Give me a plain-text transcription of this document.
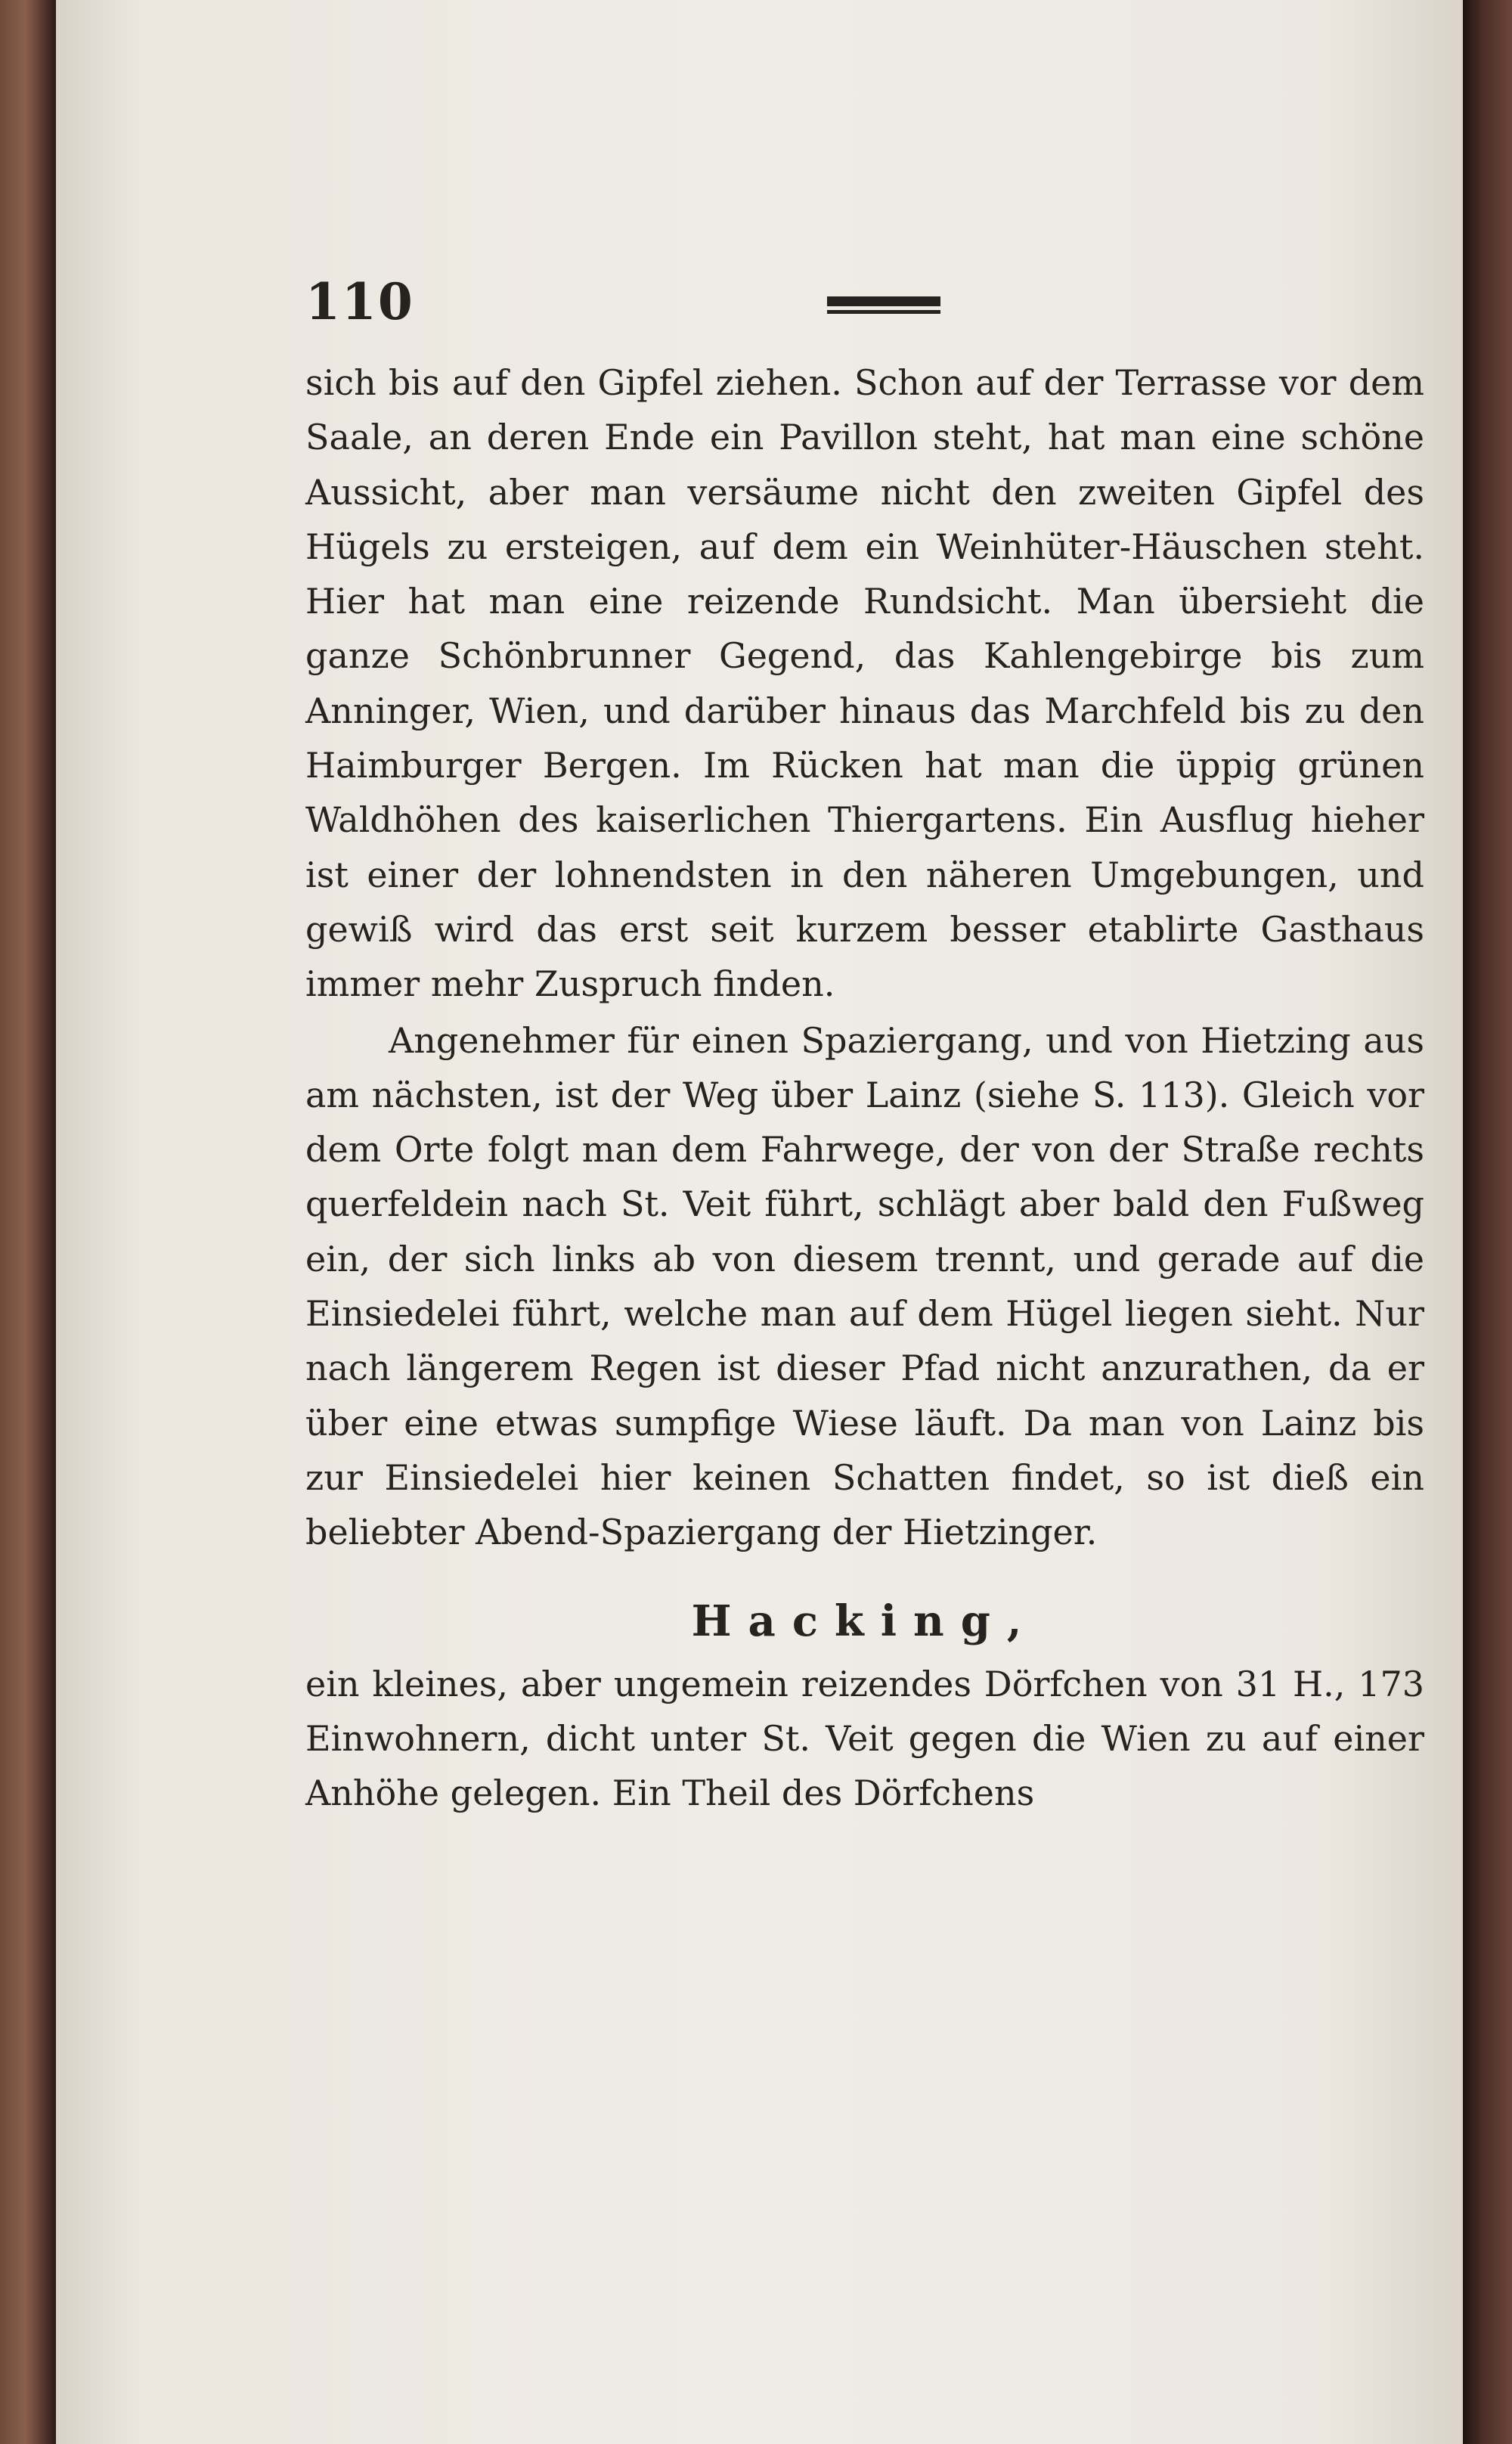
110

sich bis auf den Gipfel ziehen. Schon auf der Terrasse vor dem Saale, an deren Ende ein Pavillon steht, hat man eine schöne Aussicht, aber man versäume nicht den zweiten Gipfel des Hügels zu ersteigen, auf dem ein Weinhüter-Häuschen steht. Hier hat man eine reizende Rundsicht. Man übersieht die ganze Schönbrunner Gegend, das Kahlengebirge bis zum Anninger, Wien, und darüber hinaus das Marchfeld bis zu den Haimburger Bergen. Im Rücken hat man die üppig grünen Waldhöhen des kaiserlichen Thiergartens. Ein Ausflug hieher ist einer der lohnendsten in den näheren Umgebungen, und gewiß wird das erst seit kurzem besser etablirte Gasthaus immer mehr Zuspruch finden.

Angenehmer für einen Spaziergang, und von Hietzing aus am nächsten, ist der Weg über Lainz (siehe S. 113). Gleich vor dem Orte folgt man dem Fahrwege, der von der Straße rechts querfeldein nach St. Veit führt, schlägt aber bald den Fußweg ein, der sich links ab von diesem trennt, und gerade auf die Einsiedelei führt, welche man auf dem Hügel liegen sieht. Nur nach längerem Regen ist dieser Pfad nicht anzurathen, da er über eine etwas sumpfige Wiese läuft. Da man von Lainz bis zur Einsiedelei hier keinen Schatten findet, so ist dieß ein beliebter Abend-Spaziergang der Hietzinger.

Hacking,

ein kleines, aber ungemein reizendes Dörfchen von 31 H., 173 Einwohnern, dicht unter St. Veit gegen die Wien zu auf einer Anhöhe gelegen. Ein Theil des Dörfchens
